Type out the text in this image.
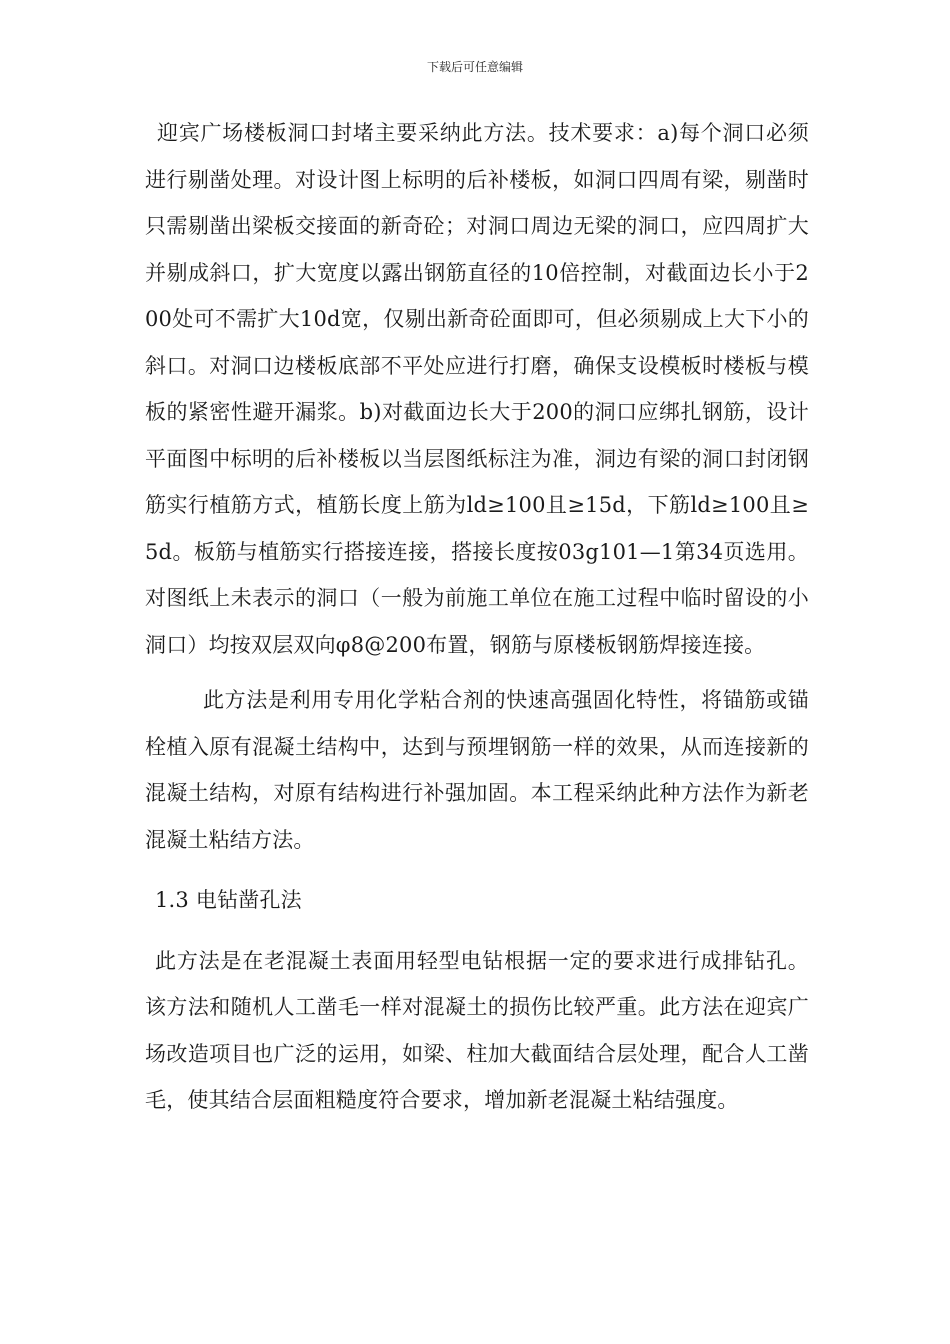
下载后可任意编辑

迎宾广场楼板洞口封堵主要采纳此方法。技术要求：a)每个洞口必须进行剔凿处理。对设计图上标明的后补楼板，如洞口四周有梁，剔凿时只需剔凿出梁板交接面的新奇砼；对洞口周边无梁的洞口，应四周扩大并剔成斜口，扩大宽度以露出钢筋直径的10倍控制，对截面边长小于200处可不需扩大10d宽，仅剔出新奇砼面即可，但必须剔成上大下小的斜口。对洞口边楼板底部不平处应进行打磨，确保支设模板时楼板与模板的紧密性避开漏浆。b)对截面边长大于200的洞口应绑扎钢筋，设计平面图中标明的后补楼板以当层图纸标注为准，洞边有梁的洞口封闭钢筋实行植筋方式，植筋长度上筋为ld≥100且≥15d，下筋ld≥100且≥5d。板筋与植筋实行搭接连接，搭接长度按03g101—1第34页选用。对图纸上未表示的洞口（一般为前施工单位在施工过程中临时留设的小洞口）均按双层双向φ8@200布置，钢筋与原楼板钢筋焊接连接。

此方法是利用专用化学粘合剂的快速高强固化特性，将锚筋或锚栓植入原有混凝土结构中，达到与预埋钢筋一样的效果，从而连接新的混凝土结构，对原有结构进行补强加固。本工程采纳此种方法作为新老混凝土粘结方法。

1.3 电钻凿孔法

此方法是在老混凝土表面用轻型电钻根据一定的要求进行成排钻孔。该方法和随机人工凿毛一样对混凝土的损伤比较严重。此方法在迎宾广场改造项目也广泛的运用，如梁、柱加大截面结合层处理，配合人工凿毛，使其结合层面粗糙度符合要求，增加新老混凝土粘结强度。
